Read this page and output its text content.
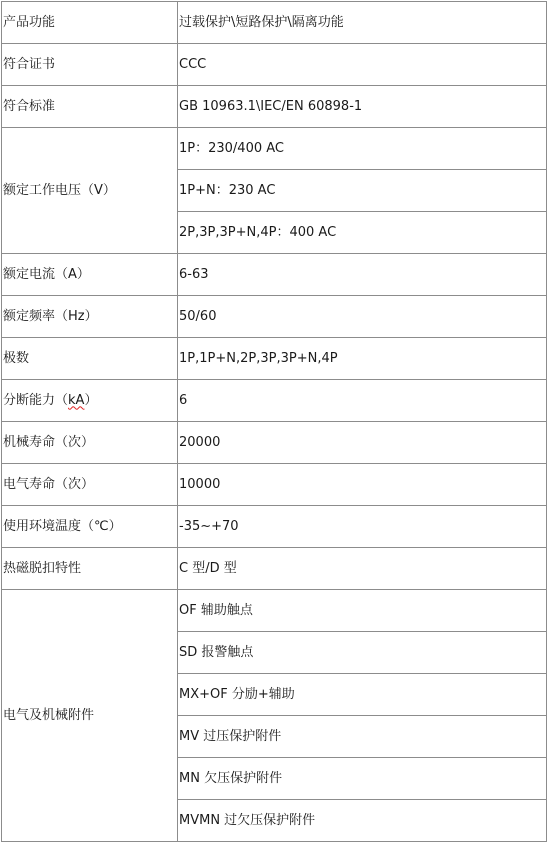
产品功能	过载保护\短路保护\隔离功能
符合证书	CCC
符合标准	GB 10963.1\IEC/EN 60898-1
额定工作电压（V）	1P：230/400 AC
	1P+N：230 AC
	2P,3P,3P+N,4P：400 AC
额定电流（A）	6-63
额定频率（Hz）	50/60
极数	1P,1P+N,2P,3P,3P+N,4P
分断能力（kA）	6
机械寿命（次）	20000
电气寿命（次）	10000
使用环境温度（℃）	-35~+70
热磁脱扣特性	C 型/D 型
电气及机械附件	OF 辅助触点
	SD 报警触点
	MX+OF 分励+辅助
	MV 过压保护附件
	MN 欠压保护附件
	MVMN 过欠压保护附件
